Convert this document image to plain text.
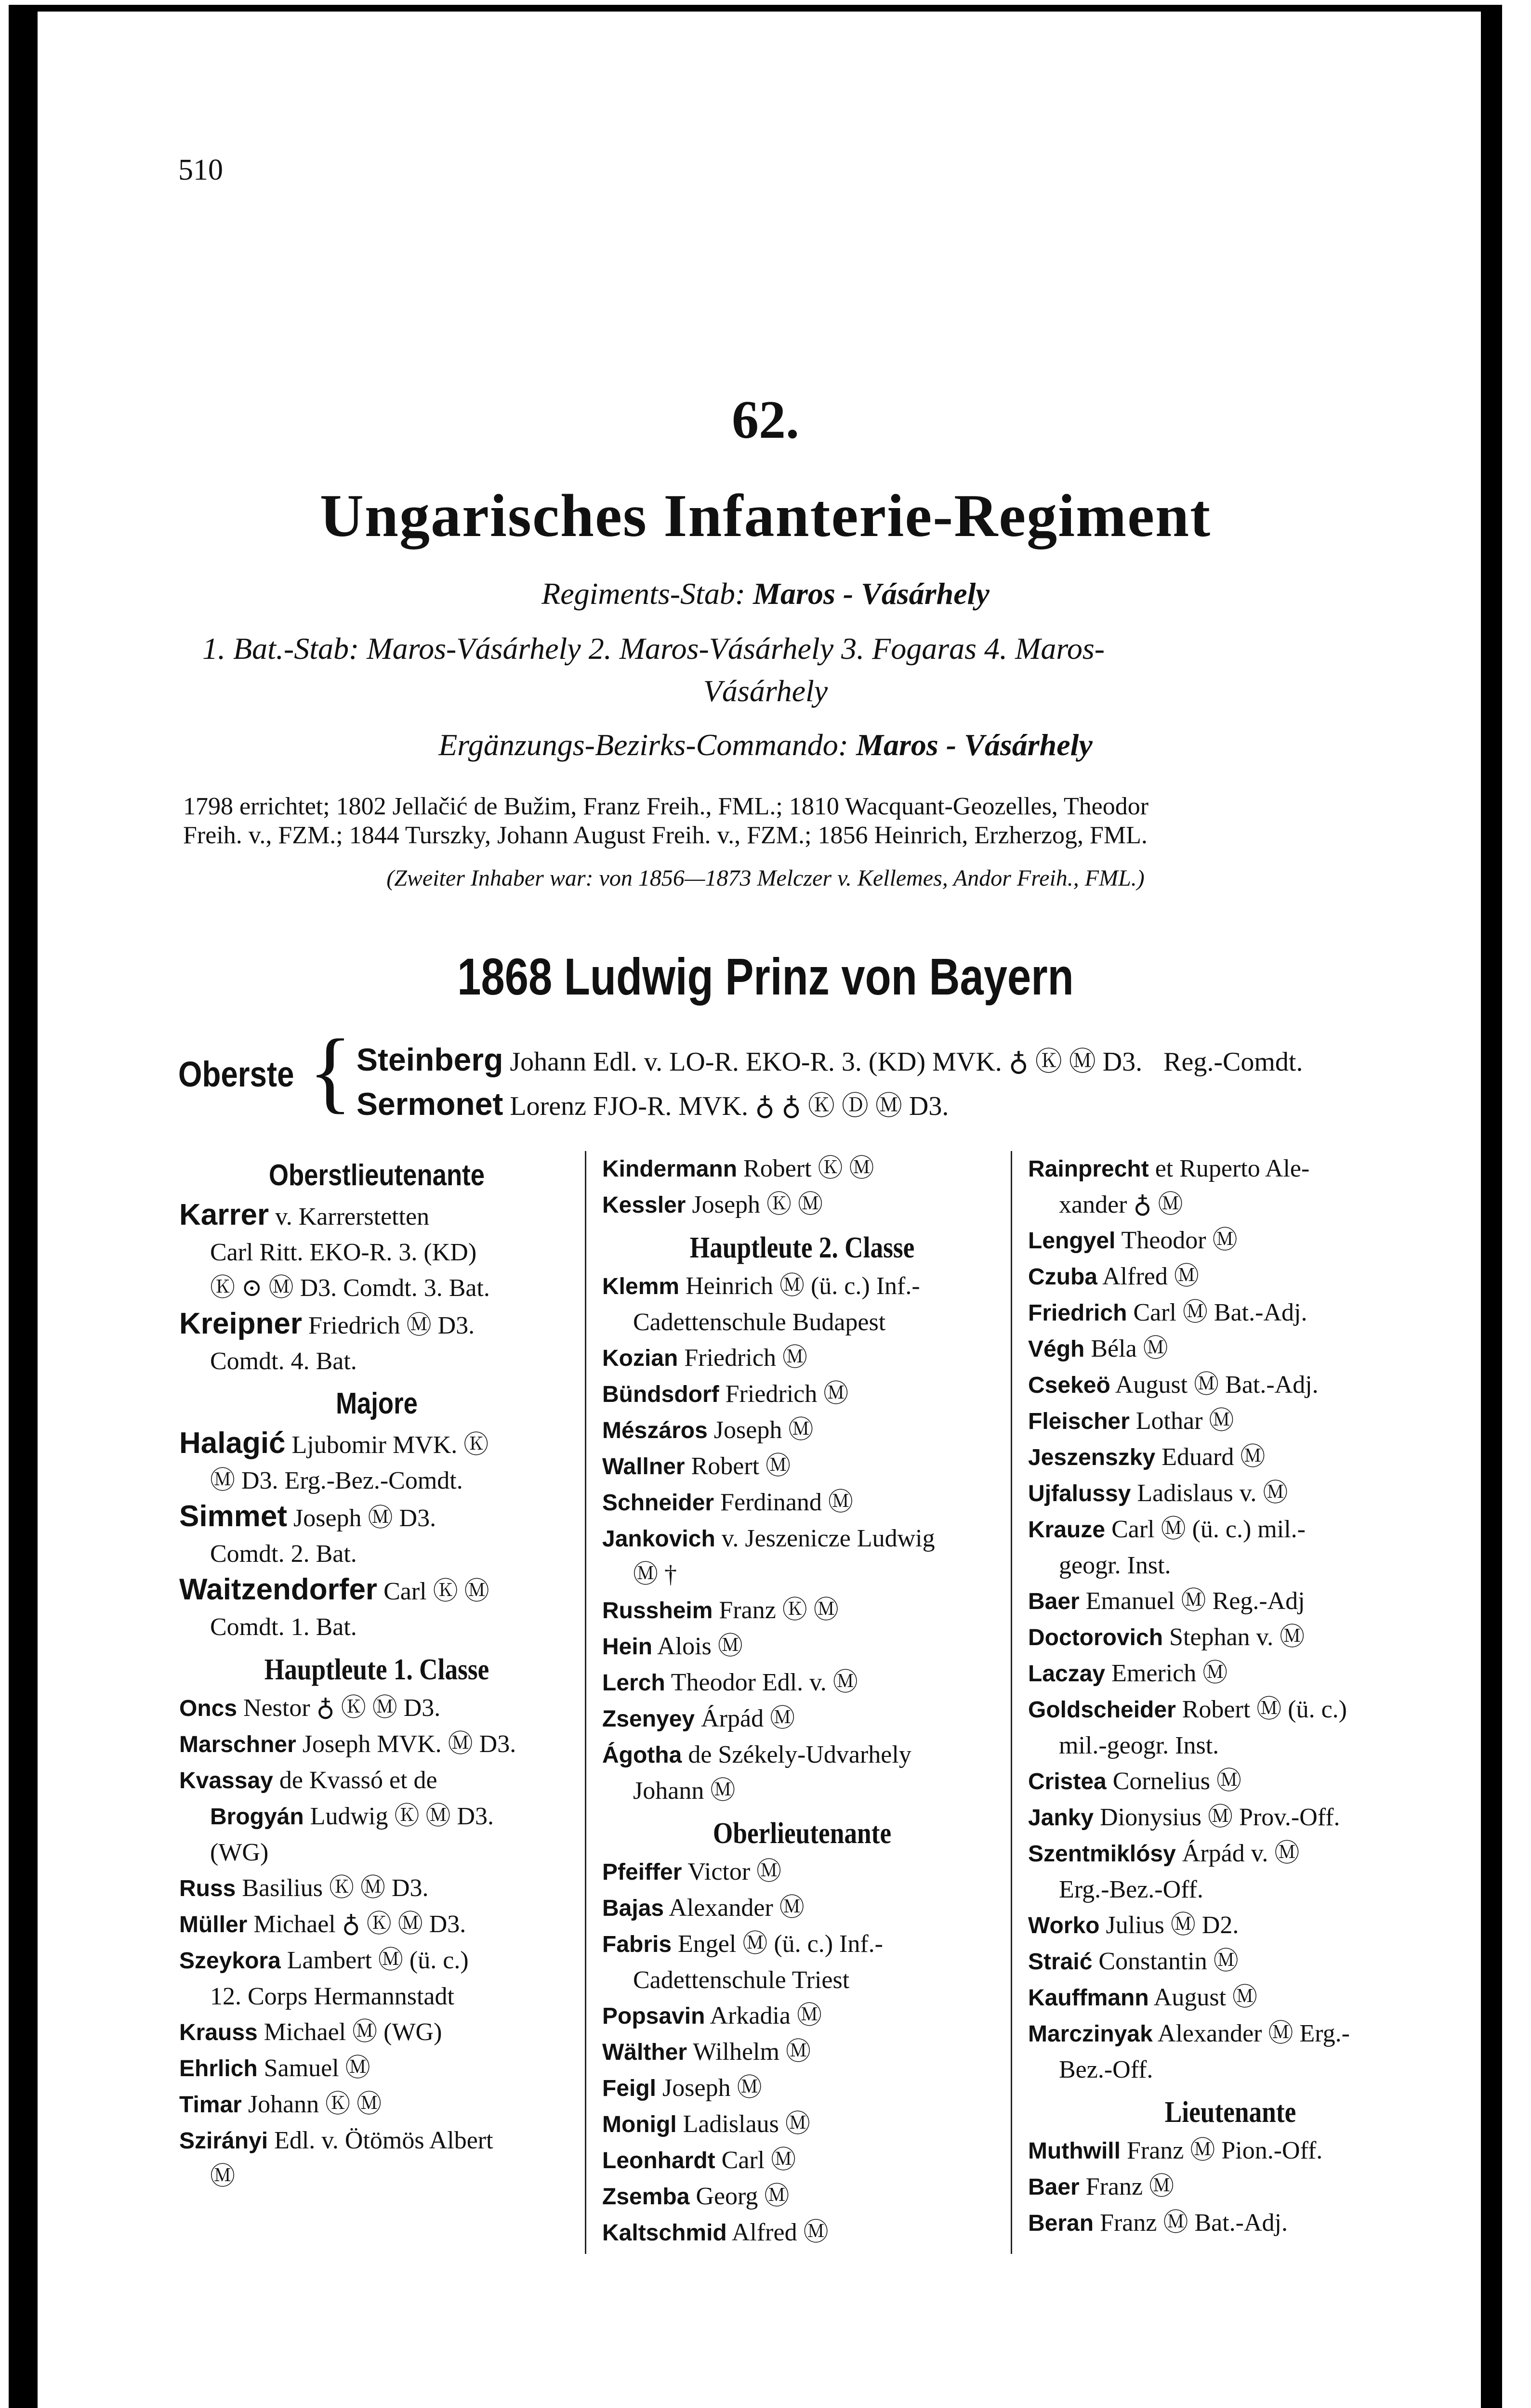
510
62.
Ungarisches Infanterie-Regiment
Regiments-Stab: Maros - Vásárhely
1. Bat.-Stab: Maros-Vásárhely 2. Maros-Vásárhely 3. Fogaras 4. Maros-
Vásárhely
Ergänzungs-Bezirks-Commando: Maros - Vásárhely
1798 errichtet; 1802 Jellačić de Bužim, Franz Freih., FML.; 1810 Wacquant-Geozelles, Theodor
Freih. v., FZM.; 1844 Turszky, Johann August Freih. v., FZM.; 1856 Heinrich, Erzherzog, FML.
(Zweiter Inhaber war: von 1856—1873 Melczer v. Kellemes, Andor Freih., FML.)
1868 Ludwig Prinz von Bayern
Oberste { Steinberg Johann Edl. v. LO-R. EKO-R. 3. (KD) MVK. ♁ Ⓚ Ⓜ D3. Reg.-Comdt.
Sermonet Lorenz FJO-R. MVK. ♁ ♁ Ⓚ Ⓓ Ⓜ D3.
Oberstlieutenante
Karrer v. Karrerstetten
Carl Ritt. EKO-R. 3. (KD)
Ⓚ ⊙ Ⓜ D3. Comdt. 3. Bat.
Kreipner Friedrich Ⓜ D3.
Comdt. 4. Bat.
Majore
Halagić Ljubomir MVK. Ⓚ
Ⓜ D3. Erg.-Bez.-Comdt.
Simmet Joseph Ⓜ D3.
Comdt. 2. Bat.
Waitzendorfer Carl Ⓚ Ⓜ
Comdt. 1. Bat.
Hauptleute 1. Classe
Oncs Nestor ♁ Ⓚ Ⓜ D3.
Marschner Joseph MVK. Ⓜ D3.
Kvassay de Kvassó et de
Brogyán Ludwig Ⓚ Ⓜ D3.
(WG)
Russ Basilius Ⓚ Ⓜ D3.
Müller Michael ♁ Ⓚ Ⓜ D3.
Szeykora Lambert Ⓜ (ü. c.)
12. Corps Hermannstadt
Krauss Michael Ⓜ (WG)
Ehrlich Samuel Ⓜ
Timar Johann Ⓚ Ⓜ
Szirányi Edl. v. Ötömös Albert
Ⓜ
Kindermann Robert Ⓚ Ⓜ
Kessler Joseph Ⓚ Ⓜ
Hauptleute 2. Classe
Klemm Heinrich Ⓜ (ü. c.) Inf.-
Cadettenschule Budapest
Kozian Friedrich Ⓜ
Bündsdorf Friedrich Ⓜ
Mészáros Joseph Ⓜ
Wallner Robert Ⓜ
Schneider Ferdinand Ⓜ
Jankovich v. Jeszenicze Ludwig
Ⓜ †
Russheim Franz Ⓚ Ⓜ
Hein Alois Ⓜ
Lerch Theodor Edl. v. Ⓜ
Zsenyey Árpád Ⓜ
Ágotha de Székely-Udvarhely
Johann Ⓜ
Oberlieutenante
Pfeiffer Victor Ⓜ
Bajas Alexander Ⓜ
Fabris Engel Ⓜ (ü. c.) Inf.-
Cadettenschule Triest
Popsavin Arkadia Ⓜ
Wälther Wilhelm Ⓜ
Feigl Joseph Ⓜ
Monigl Ladislaus Ⓜ
Leonhardt Carl Ⓜ
Zsemba Georg Ⓜ
Kaltschmid Alfred Ⓜ
Rainprecht et Ruperto Ale-
xander ♁ Ⓜ
Lengyel Theodor Ⓜ
Czuba Alfred Ⓜ
Friedrich Carl Ⓜ Bat.-Adj.
Végh Béla Ⓜ
Csekeö August Ⓜ Bat.-Adj.
Fleischer Lothar Ⓜ
Jeszenszky Eduard Ⓜ
Ujfalussy Ladislaus v. Ⓜ
Krauze Carl Ⓜ (ü. c.) mil.-
geogr. Inst.
Baer Emanuel Ⓜ Reg.-Adj
Doctorovich Stephan v. Ⓜ
Laczay Emerich Ⓜ
Goldscheider Robert Ⓜ (ü. c.)
mil.-geogr. Inst.
Cristea Cornelius Ⓜ
Janky Dionysius Ⓜ Prov.-Off.
Szentmiklósy Árpád v. Ⓜ
Erg.-Bez.-Off.
Worko Julius Ⓜ D2.
Straić Constantin Ⓜ
Kauffmann August Ⓜ
Marczinyak Alexander Ⓜ Erg.-
Bez.-Off.
Lieutenante
Muthwill Franz Ⓜ Pion.-Off.
Baer Franz Ⓜ
Beran Franz Ⓜ Bat.-Adj.
